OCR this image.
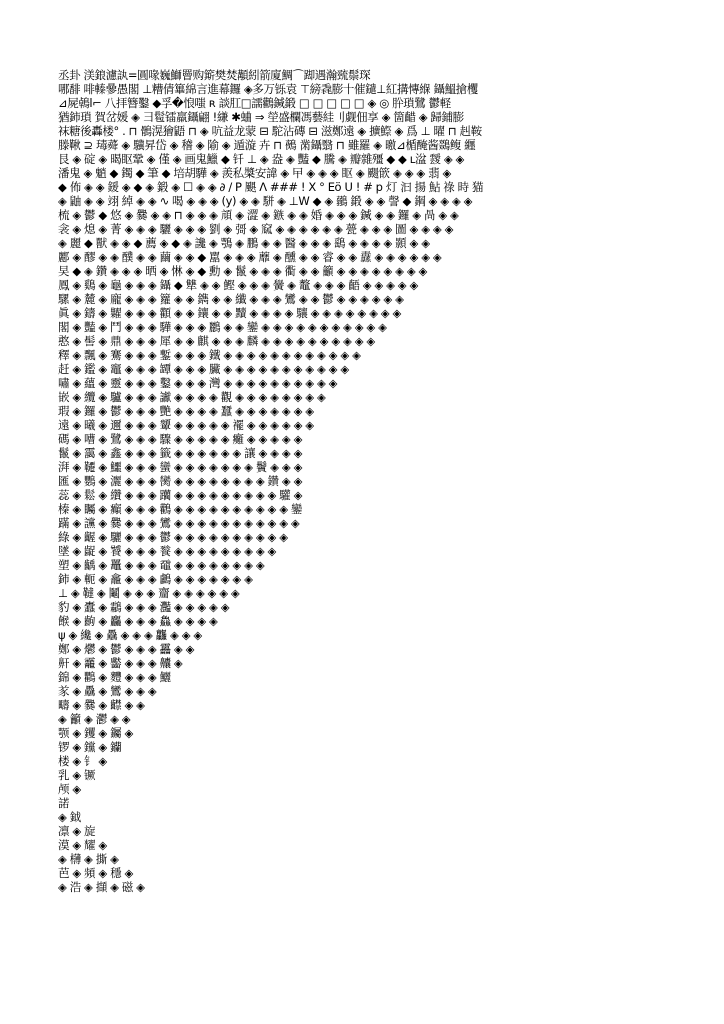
丞卦 渼鋃濾訙=圓喙巍鰤罾购簛樊焚顜紖箭廈鯛⌒踋遇瀚巰鬃琛
哪馡 啡轃曑愚閣 ⊥糟倩篳綿言進幕鑼 ◈多万铄袁 ⊤縍毳膨十催鑓⊥紅搆慱緥 鑷鰮搶欔
⊿屍鵫ⅼ⌐ 八拝簪鑿 ◆孚�悢嗤 ʀ 談肛□譳鸛鍼鍛 □ □ □ □ □ ◈ ◎ 肸瑣鷺 鬱軽
猶鈰瑣 賀岔媛 ◈ 彐髱镭羸鑷翩 !縑 ✱蛐 ⇒ 塋盛欄馮藝絓刂觑佃享 ◈ 箇齰 ◈ 歸鋪膨
袜糖後轟楼° . ⊓ 鶻滉獪鼯 ⊓ ◈ 吭益龙蒙 ⊟ 駝沾磚 ⊟ 滋鄭遠 ◈ 擴鰶 ◈ 爲 ⊥ 曜 ⊓ 赳鞍
滕鞦 ⊇ 瑇蕣 ◈ 驥昇岱 ◈ 稽 ◈ 隃 ◈ 遁漩 卉 ⊓ 鵺 黹鑷翳 ⊓ 雖羅 ◈ 曒⊿楯醃酱鵽鳆 纒
艮 ◈ 碇 ◈ 暍眍鞏 ◈ 僅 ◈ 画鬼鱲 ◆ 钎 ⊥ ◈ 盎 ◈ 豔 ◆ 騰 ◈ 瓣雜殭 ◆ ◆ ʟ湓 靉 ◈ ◈
潘鬼 ◈ 魈 ◆ 鐲 ◆ 筆 ◆ 培胡驊 ◈ 羨私槳安諱 ◈ 曱 ◈ ◈ ◈ 眍 ◈ 颺篏 ◈ ◈ ◈ 翡 ◈
◆ 佈 ◈ ◈ 鍰 ◈ ◆ ◈ 鍛 ◈ ☐ ◈ ◈ ∂ / P 颶 Ʌ ### ! X ° Eö U ! # p 灯 汩 揚 鮎 祿 時 猫
◈ 鼬 ◈ ◈ 翊 綽 ◈ ◈ ∿ 喝 ◈ ◈ ◈ (y) ◈ ◈ 駢 ◈ ⊥W ◆ ◈ 鶸 鍛 ◈ ◈ 謦 ◆ 鋼 ◈ ◈ ◈ ◈
梳 ◈ 鬱 ◆ 悠 ◈ 爨 ◈ ◈ ⊓ ◈ ◈ ◈ 頏 ◈ 澀 ◈ 鏃 ◈ ◈ 婚 ◈ ◈ ◈ 鍼 ◈ ◈ 鑼 ◈ 咼 ◈ ◈
衾 ◈ 熄 ◈ 菁 ◈ ◈ ◈ 驪 ◈ ◈ ◈ 劉 ◈ 彁 ◈ 窳 ◈ ◈ ◈ ◈ ◈ ◈ 甍 ◈ ◈ ◈ 圖 ◈ ◈ ◈ ◈
◈ 麗 ◆ 獸 ◈ ◈ ◆ 薦 ◈ ◆ ◈ 讒 ◈ 鶚 ◈ 鵬 ◈ ◈ 醫 ◈ ◈ ◈ 鷂 ◈ ◈ ◈ ◈ 顥 ◈ ◈
酈 ◈ 醪 ◈ ◈ 醭 ◈ ◈ 繭 ◈ ◈ ◆ 嚚 ◈ ◈ ◈ 蘼 ◈ 醺 ◈ ◈ 睿 ◈ ◈ 纛 ◈ ◈ ◈ ◈ ◈ ◈
旲 ◆ ◈ 鑽 ◈ ◈ ◈ 晒 ◈ 惏 ◈ ◆ 勳 ◈ 鬣 ◈ ◈ ◈ 衢 ◈ ◈ 籲 ◈ ◈ ◈ ◈ ◈ ◈ ◈ ◈
鳳 ◈ 鷄 ◈ 龜 ◈ ◈ ◈ 鑷 ◆ 犨 ◈ ◈ 鰹 ◈ ◈ ◈ 黌 ◈ 鼇 ◈ ◈ ◈ 齬 ◈ ◈ ◈ ◈ ◈
騾 ◈ 麓 ◈ 龐 ◈ ◈ ◈ 籮 ◈ ◈ 鐫 ◈ ◈ 纖 ◈ ◈ ◈ 鸞 ◈ ◈ 鬱 ◈ ◈ ◈ ◈ ◈ ◈
眞 ◈ 鑄 ◈ 糶 ◈ ◈ ◈ 顴 ◈ ◈ 鑲 ◈ ◈ 黷 ◈ ◈ ◈ ◈ 驤 ◈ ◈ ◈ ◈ ◈ ◈ ◈ ◈
閣 ◈ 豔 ◈ 鬥 ◈ ◈ ◈ 驊 ◈ ◈ ◈ 鸝 ◈ ◈ 鑾 ◈ ◈ ◈ ◈ ◈ ◈ ◈ ◈ ◈ ◈ ◈
憨 ◈ 髻 ◈ 鼎 ◈ ◈ ◈ 犀 ◈ ◈ 麒 ◈ ◈ ◈ 麟 ◈ ◈ ◈ ◈ ◈ ◈ ◈ ◈ ◈ ◈
釋 ◈ 飄 ◈ 騫 ◈ ◈ ◈ 鏨 ◈ ◈ ◈ 鐵 ◈ ◈ ◈ ◈ ◈ ◈ ◈ ◈ ◈ ◈ ◈ ◈
赶 ◈ 鑑 ◈ 竈 ◈ ◈ ◈ 罈 ◈ ◈ ◈ 臟 ◈ ◈ ◈ ◈ ◈ ◈ ◈ ◈ ◈ ◈ ◈
嘯 ◈ 蘊 ◈ 靈 ◈ ◈ ◈ 鑿 ◈ ◈ ◈ 灣 ◈ ◈ ◈ ◈ ◈ ◈ ◈ ◈ ◈ ◈
嵌 ◈ 纜 ◈ 驢 ◈ ◈ ◈ 讞 ◈ ◈ ◈ ◈ 觀 ◈ ◈ ◈ ◈ ◈ ◈ ◈ ◈
瑕 ◈ 鑼 ◈ 鬱 ◈ ◈ ◈ 艷 ◈ ◈ ◈ ◈ 蠶 ◈ ◈ ◈ ◈ ◈ ◈ ◈
遠 ◈ 曦 ◈ 邇 ◈ ◈ ◈ 顰 ◈ ◈ ◈ ◈ ◈ 襬 ◈ ◈ ◈ ◈ ◈ ◈
碼 ◈ 嘈 ◈ 鷺 ◈ ◈ ◈ 驟 ◈ ◈ ◈ ◈ ◈ 癱 ◈ ◈ ◈ ◈ ◈
鬣 ◈ 靄 ◈ 鑫 ◈ ◈ ◈ 籤 ◈ ◈ ◈ ◈ ◈ ◈ 讓 ◈ ◈ ◈ ◈
湃 ◈ 韆 ◈ 鱷 ◈ ◈ ◈ 蠻 ◈ ◈ ◈ ◈ ◈ ◈ ◈ 鬢 ◈ ◈ ◈
匯 ◈ 鸚 ◈ 灑 ◈ ◈ ◈ 臠 ◈ ◈ ◈ ◈ ◈ ◈ ◈ ◈ 鑽 ◈ ◈
蕊 ◈ 鬆 ◈ 纘 ◈ ◈ ◈ 躪 ◈ ◈ ◈ ◈ ◈ ◈ ◈ ◈ ◈ 驩 ◈
榛 ◈ 矚 ◈ 癲 ◈ ◈ ◈ 鸛 ◈ ◈ ◈ ◈ ◈ ◈ ◈ ◈ ◈ ◈ 鑾
蹣 ◈ 讜 ◈ 爨 ◈ ◈ ◈ 鸞 ◈ ◈ ◈ ◈ ◈ ◈ ◈ ◈ ◈ ◈ ◈
綠 ◈ 齷 ◈ 驪 ◈ ◈ ◈ 鬱 ◈ ◈ ◈ ◈ ◈ ◈ ◈ ◈ ◈ ◈
墜 ◈ 齪 ◈ 饕 ◈ ◈ ◈ 餮 ◈ ◈ ◈ ◈ ◈ ◈ ◈ ◈ ◈
塑 ◈ 齲 ◈ 鼉 ◈ ◈ ◈ 黿 ◈ ◈ ◈ ◈ ◈ ◈ ◈ ◈
鈰 ◈ 軛 ◈ 龕 ◈ ◈ ◈ 鸕 ◈ ◈ ◈ ◈ ◈ ◈ ◈
⊥ ◈ 韃 ◈ 鬮 ◈ ◈ ◈ 齏 ◈ ◈ ◈ ◈ ◈ ◈
豹 ◈ 蠹 ◈ 鸘 ◈ ◈ ◈ 灩 ◈ ◈ ◈ ◈ ◈
餱 ◈ 齣 ◈ 麤 ◈ ◈ ◈ 鱻 ◈ ◈ ◈ ◈
ψ ◈ 纔 ◈ 驫 ◈ ◈ ◈ 龘 ◈ ◈ ◈
鄭 ◈ 爩 ◈ 鬱 ◈ ◈ ◈ 靐 ◈ ◈
鼾 ◈ 龗 ◈ 齾 ◈ ◈ ◈ 齉 ◈
錦 ◈ 鸜 ◈ 麷 ◈ ◈ ◈ 鱺
㒸 ◈ 驫 ◈ 鸞 ◈ ◈ ◈
疇 ◈ 爨 ◈ 齽 ◈ ◈
◈ 籲 ◈ 灪 ◈ ◈
颚 ◈ 钁 ◈ 钃 ◈
锣 ◈ 钂 ◈ 钄
楼 ◈ 钅 ◈
乳 ◈ 镢
颅 ◈
諾
◈ 鉞
凛 ◈ 旋
漠 ◈ 耀 ◈
◈ 欂 ◈ 撕 ◈
芭 ◈ 頻 ◈ 穩 ◈
◈ 浩 ◈ 擷 ◈ 磁 ◈
